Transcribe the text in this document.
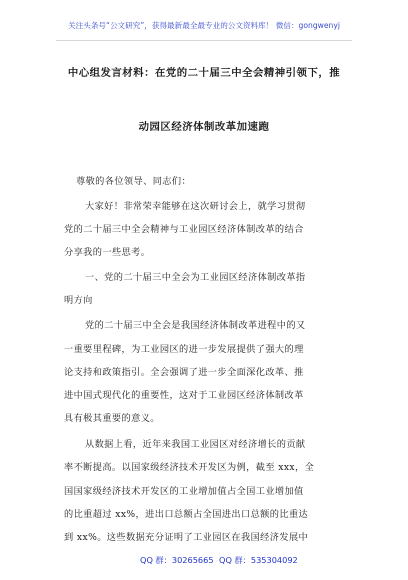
关注头条号“公文研究”，获得最新最全最专业的公文资料库！ 微信：gongwenyj
中心组发言材料：在党的二十届三中全会精神引领下，推
动园区经济体制改革加速跑
尊敬的各位领导、同志们：
大家好！非常荣幸能够在这次研讨会上，就学习贯彻
党的二十届三中全会精神与工业园区经济体制改革的结合
分享我的一些思考。
一、党的二十届三中全会为工业园区经济体制改革指
明方向
党的二十届三中全会是我国经济体制改革进程中的又
一重要里程碑，为工业园区的进一步发展提供了强大的理
论支持和政策指引。全会强调了进一步全面深化改革、推
进中国式现代化的重要性，这对于工业园区经济体制改革
具有极其重要的意义。
从数据上看，近年来我国工业园区对经济增长的贡献
率不断提高。以国家级经济技术开发区为例，截至 xxx，全
国国家级经济技术开发区的工业增加值占全国工业增加值
的比重超过 xx%，进出口总额占全国进出口总额的比重达
到 xx%。这些数据充分证明了工业园区在我国经济发展中
QQ 群：30265665 QQ 群：535304092
